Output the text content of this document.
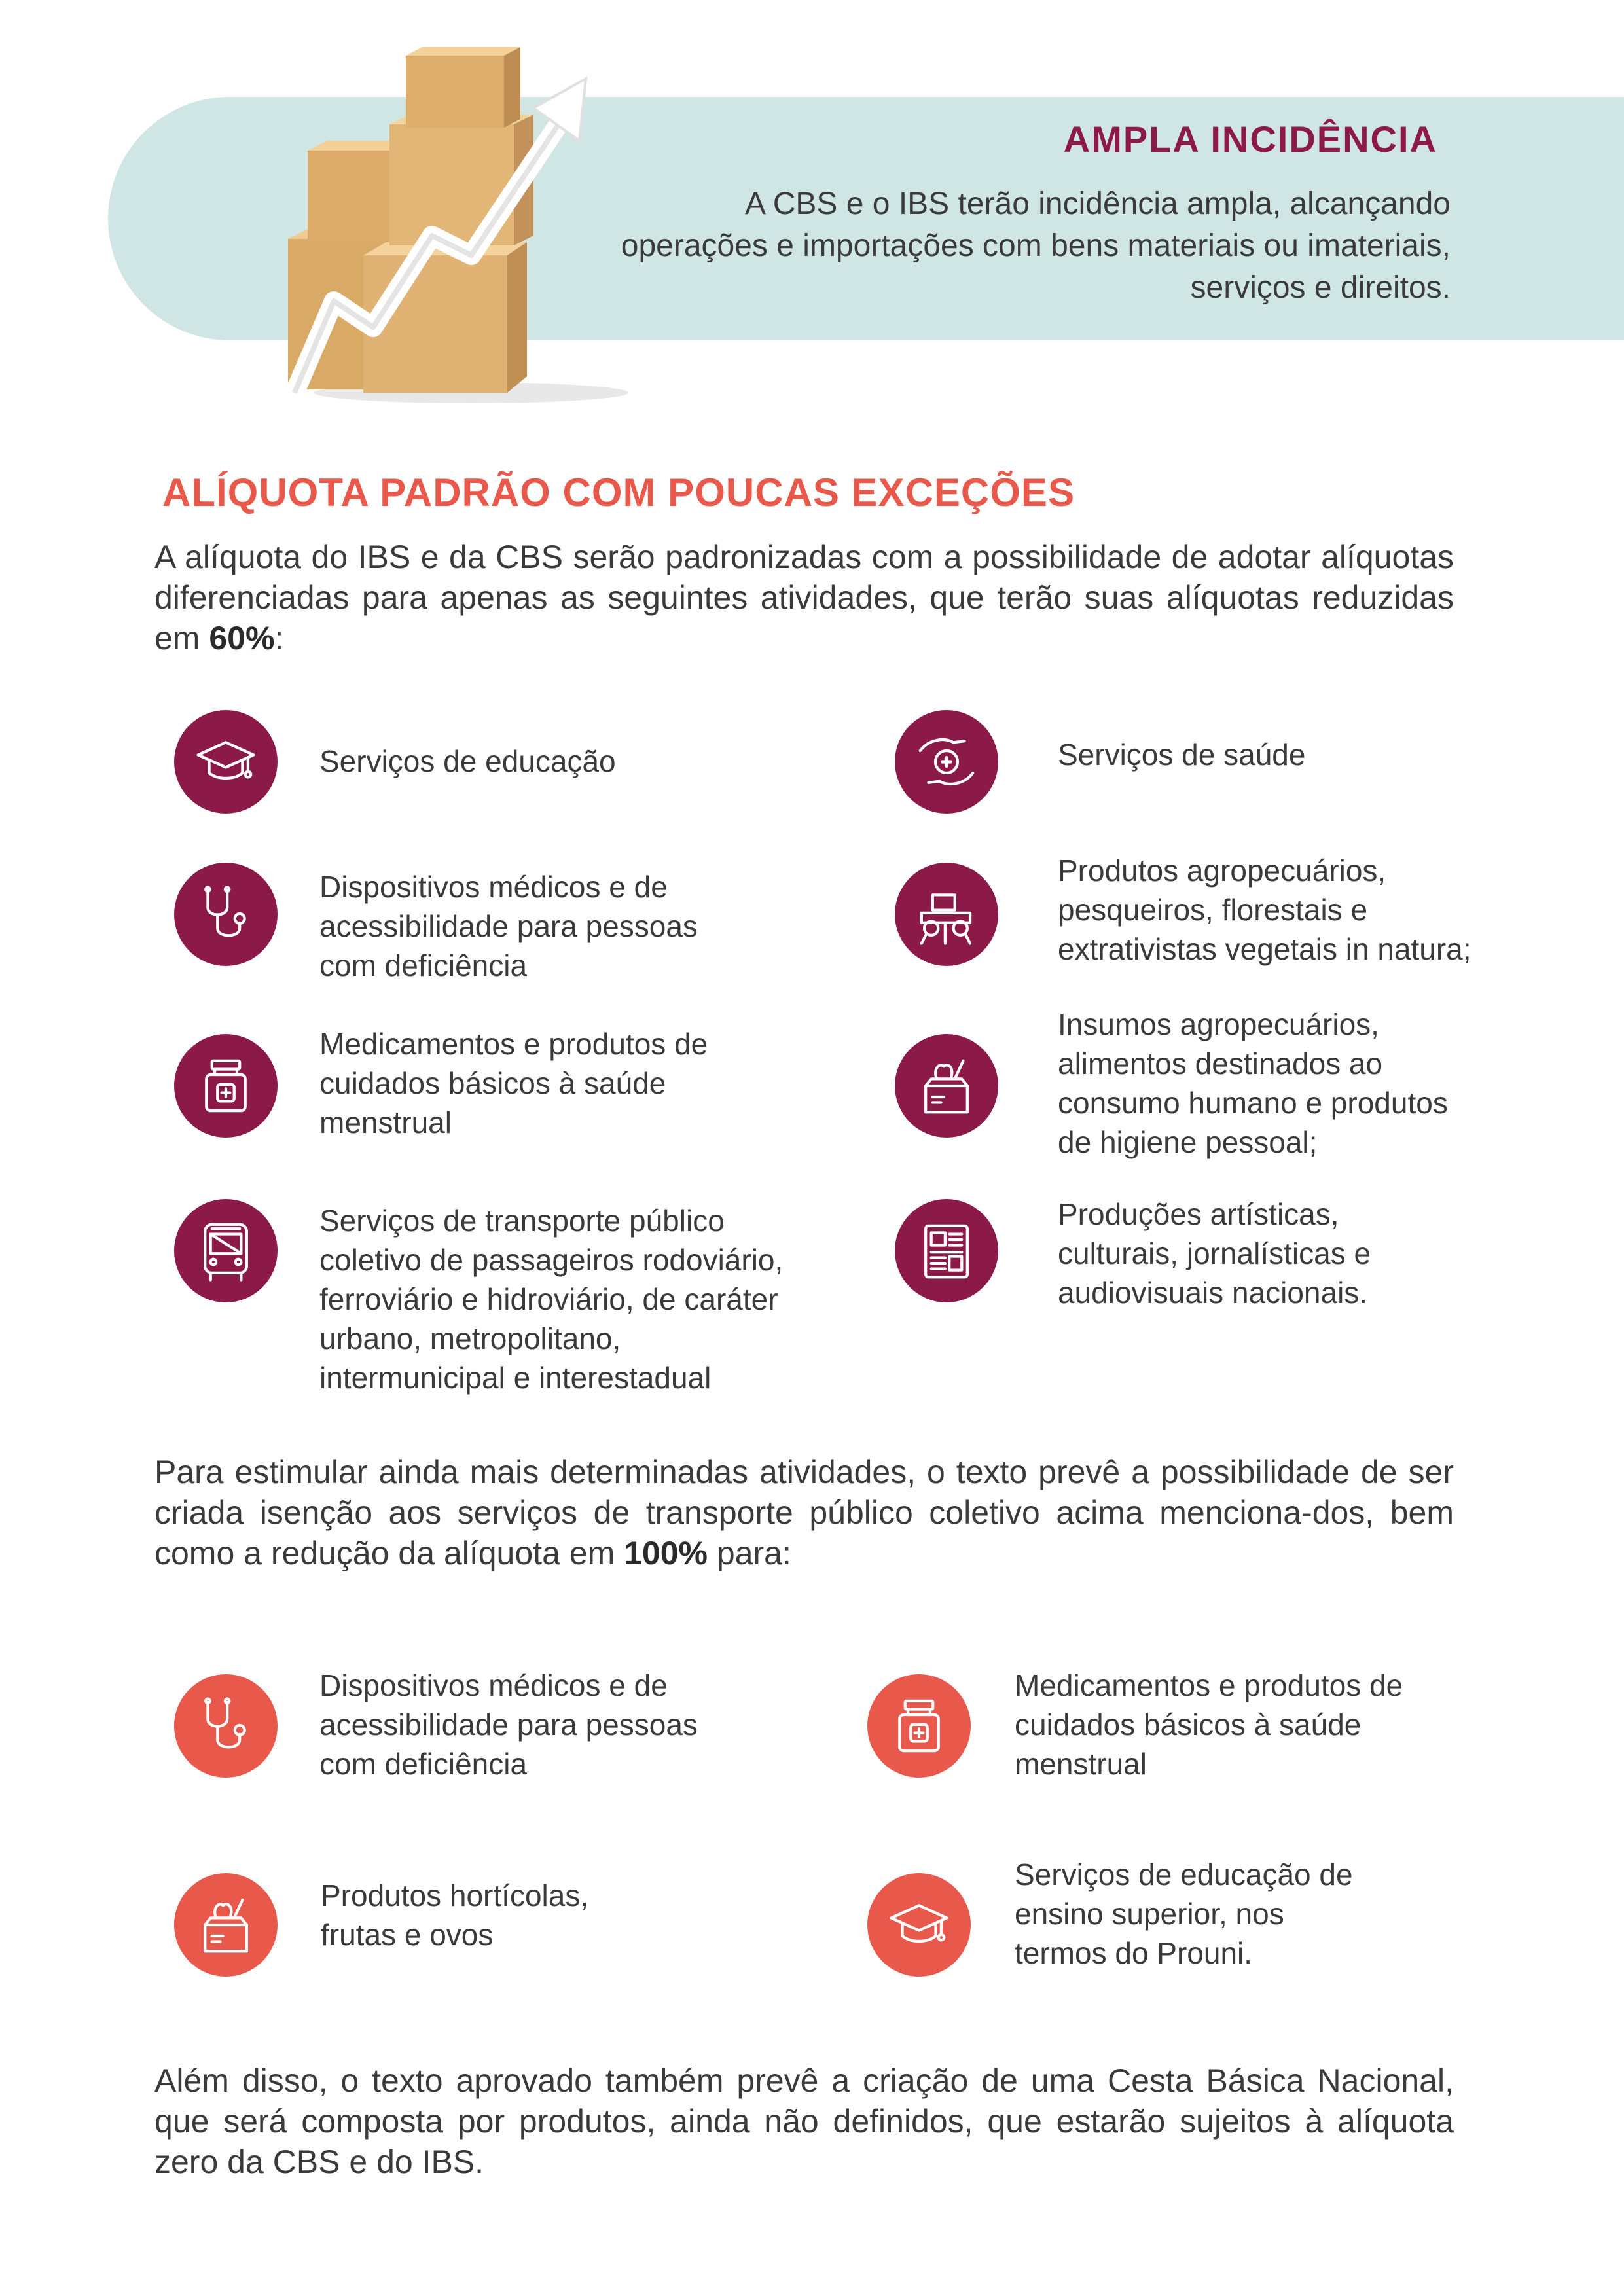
AMPLA INCIDÊNCIA
A CBS e o IBS terão incidência ampla, alcançando operações e importações com bens materiais ou imateriais, serviços e direitos.
ALÍQUOTA PADRÃO COM POUCAS EXCEÇÕES
A alíquota do IBS e da CBS serão padronizadas com a possibilidade de adotar alíquotas diferenciadas para apenas as seguintes atividades, que terão suas alíquotas reduzidas em 60%:
Serviços de educação	Serviços de saúde
Dispositivos médicos e de
acessibilidade para pessoas
com deficiência
Produtos agropecuários,
pesqueiros, florestais e
extrativistas vegetais in natura;
Medicamentos e produtos de
cuidados básicos à saúde
menstrual
Insumos agropecuários,
alimentos destinados ao
consumo humano e produtos
de higiene pessoal;
Serviços de transporte público
coletivo de passageiros rodoviário,
ferroviário e hidroviário, de caráter
urbano, metropolitano,
intermunicipal e interestadual
Produções artísticas,
culturais, jornalísticas e
audiovisuais nacionais.
Para estimular ainda mais determinadas atividades, o texto prevê a possibilidade de ser criada isenção aos serviços de transporte público coletivo acima menciona-dos, bem como a redução da alíquota em 100% para:
Dispositivos médicos e de
acessibilidade para pessoas
com deficiência
Medicamentos e produtos de
cuidados básicos à saúde
menstrual
Produtos hortícolas,
frutas e ovos
Serviços de educação de
ensino superior, nos
termos do Prouni.
Além disso, o texto aprovado também prevê a criação de uma Cesta Básica Nacional, que será composta por produtos, ainda não definidos, que estarão sujeitos à alíquota zero da CBS e do IBS.
